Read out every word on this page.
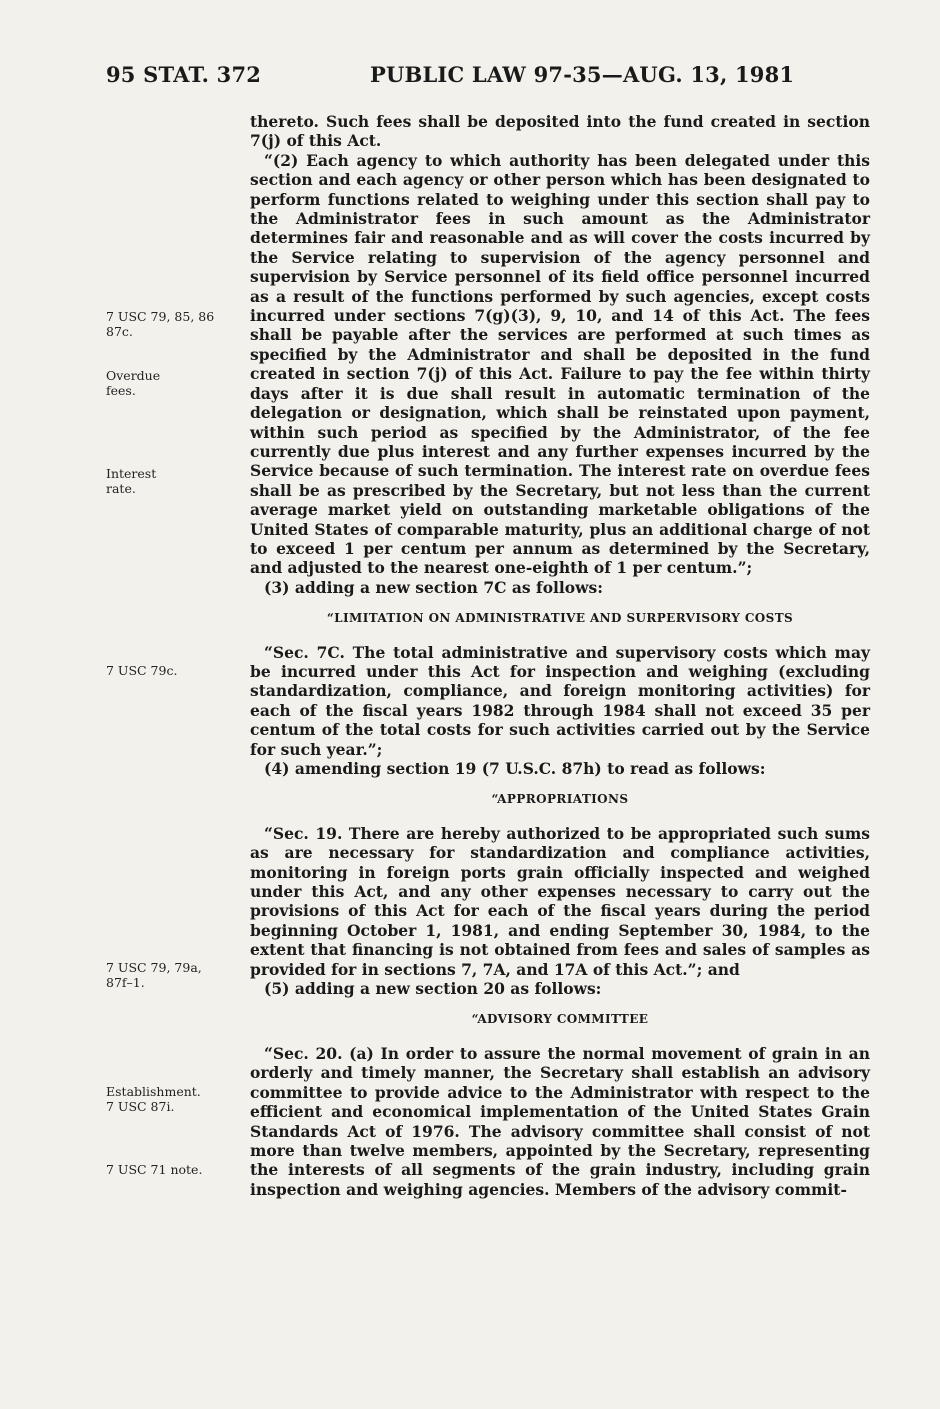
95 STAT. 372	PUBLIC LAW 97-35—AUG. 13, 1981
7 USC 79, 85, 86
87c.
Overdue
fees.
Interest
rate.
7 USC 79c.
7 USC 79, 79a,
87f–1.
Establishment.
7 USC 87i.
7 USC 71 note.

thereto. Such fees shall be deposited into the fund created in section 7(j) of this Act.

“(2) Each agency to which authority has been delegated under this section and each agency or other person which has been designated to perform functions related to weighing under this section shall pay to the Administrator fees in such amount as the Administrator determines fair and reasonable and as will cover the costs incurred by the Service relating to supervision of the agency personnel and supervision by Service personnel of its field office personnel incurred as a result of the functions performed by such agencies, except costs incurred under sections 7(g)(3), 9, 10, and 14 of this Act. The fees shall be payable after the services are performed at such times as specified by the Administrator and shall be deposited in the fund created in section 7(j) of this Act. Failure to pay the fee within thirty days after it is due shall result in automatic termination of the delegation or designation, which shall be reinstated upon payment, within such period as specified by the Administrator, of the fee currently due plus interest and any further expenses incurred by the Service because of such termination. The interest rate on overdue fees shall be as prescribed by the Secretary, but not less than the current average market yield on outstanding marketable obligations of the United States of comparable maturity, plus an additional charge of not to exceed 1 per centum per annum as determined by the Secretary, and adjusted to the nearest one-eighth of 1 per centum.”;

(3) adding a new section 7C as follows:

“LIMITATION ON ADMINISTRATIVE AND SURPERVISORY COSTS

“Sec. 7C. The total administrative and supervisory costs which may be incurred under this Act for inspection and weighing (excluding standardization, compliance, and foreign monitoring activities) for each of the fiscal years 1982 through 1984 shall not exceed 35 per centum of the total costs for such activities carried out by the Service for such year.”;

(4) amending section 19 (7 U.S.C. 87h) to read as follows:

“APPROPRIATIONS

“Sec. 19. There are hereby authorized to be appropriated such sums as are necessary for standardization and compliance activities, monitoring in foreign ports grain officially inspected and weighed under this Act, and any other expenses necessary to carry out the provisions of this Act for each of the fiscal years during the period beginning October 1, 1981, and ending September 30, 1984, to the extent that financing is not obtained from fees and sales of samples as provided for in sections 7, 7A, and 17A of this Act.”; and

(5) adding a new section 20 as follows:

“ADVISORY COMMITTEE

“Sec. 20. (a) In order to assure the normal movement of grain in an orderly and timely manner, the Secretary shall establish an advisory committee to provide advice to the Administrator with respect to the efficient and economical implementation of the United States Grain Standards Act of 1976. The advisory committee shall consist of not more than twelve members, appointed by the Secretary, representing the interests of all segments of the grain industry, including grain inspection and weighing agencies. Members of the advisory commit-
